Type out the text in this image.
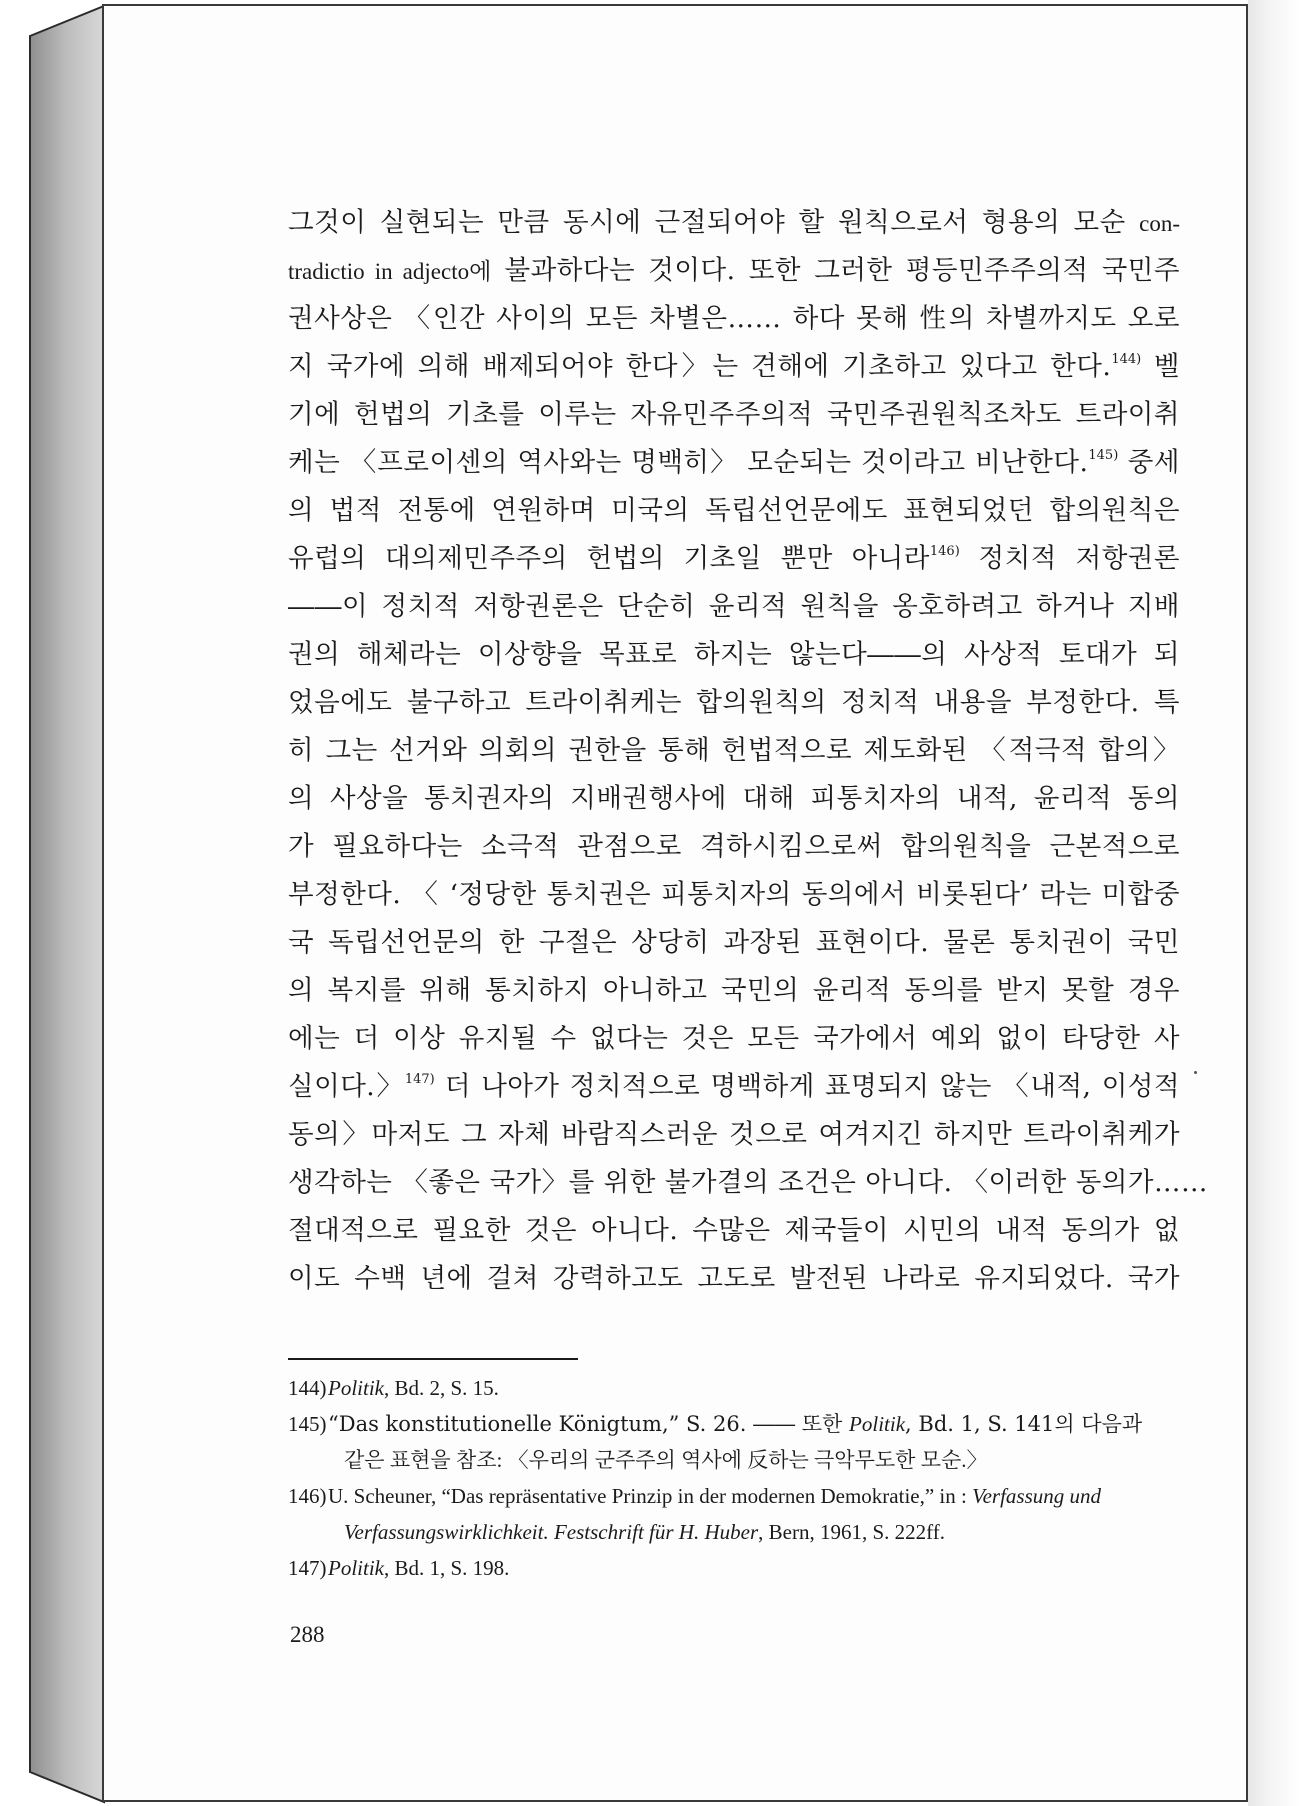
그것이 실현되는 만큼 동시에 근절되어야 할 원칙으로서 형용의 모순 con-
tradictio in adjecto에 불과하다는 것이다. 또한 그러한 평등민주주의적 국민주
권사상은 〈인간 사이의 모든 차별은…… 하다 못해 性의 차별까지도 오로
지 국가에 의해 배제되어야 한다〉는 견해에 기초하고 있다고 한다.$^{144)}$ 벨
기에 헌법의 기초를 이루는 자유민주주의적 국민주권원칙조차도 트라이취
케는 〈프로이센의 역사와는 명백히〉 모순되는 것이라고 비난한다.$^{145)}$ 중세
의 법적 전통에 연원하며 미국의 독립선언문에도 표현되었던 합의원칙은
유럽의 대의제민주주의 헌법의 기초일 뿐만 아니라$^{146)}$ 정치적 저항권론
――이 정치적 저항권론은 단순히 윤리적 원칙을 옹호하려고 하거나 지배
권의 해체라는 이상향을 목표로 하지는 않는다――의 사상적 토대가 되
었음에도 불구하고 트라이취케는 합의원칙의 정치적 내용을 부정한다. 특
히 그는 선거와 의회의 권한을 통해 헌법적으로 제도화된 〈적극적 합의〉
의 사상을 통치권자의 지배권행사에 대해 피통치자의 내적, 윤리적 동의
가 필요하다는 소극적 관점으로 격하시킴으로써 합의원칙을 근본적으로
부정한다. 〈 ‘정당한 통치권은 피통치자의 동의에서 비롯된다’ 라는 미합중
국 독립선언문의 한 구절은 상당히 과장된 표현이다. 물론 통치권이 국민
의 복지를 위해 통치하지 아니하고 국민의 윤리적 동의를 받지 못할 경우
에는 더 이상 유지될 수 없다는 것은 모든 국가에서 예외 없이 타당한 사
실이다.〉$^{147)}$ 더 나아가 정치적으로 명백하게 표명되지 않는 〈내적, 이성적
동의〉마저도 그 자체 바람직스러운 것으로 여겨지긴 하지만 트라이취케가
생각하는 〈좋은 국가〉를 위한 불가결의 조건은 아니다. 〈이러한 동의가……
절대적으로 필요한 것은 아니다. 수많은 제국들이 시민의 내적 동의가 없
이도 수백 년에 걸쳐 강력하고도 고도로 발전된 나라로 유지되었다. 국가
144)Politik, Bd. 2, S. 15.
145)“Das konstitutionelle Königtum,” S. 26. ―― 또한 Politik, Bd. 1, S. 141의 다음과
같은 표현을 참조: 〈우리의 군주주의 역사에 反하는 극악무도한 모순.〉
146)U. Scheuner, “Das repräsentative Prinzip in der modernen Demokratie,” in : Verfassung und
Verfassungswirklichkeit. Festschrift für H. Huber, Bern, 1961, S. 222ff.
147)Politik, Bd. 1, S. 198.
288
